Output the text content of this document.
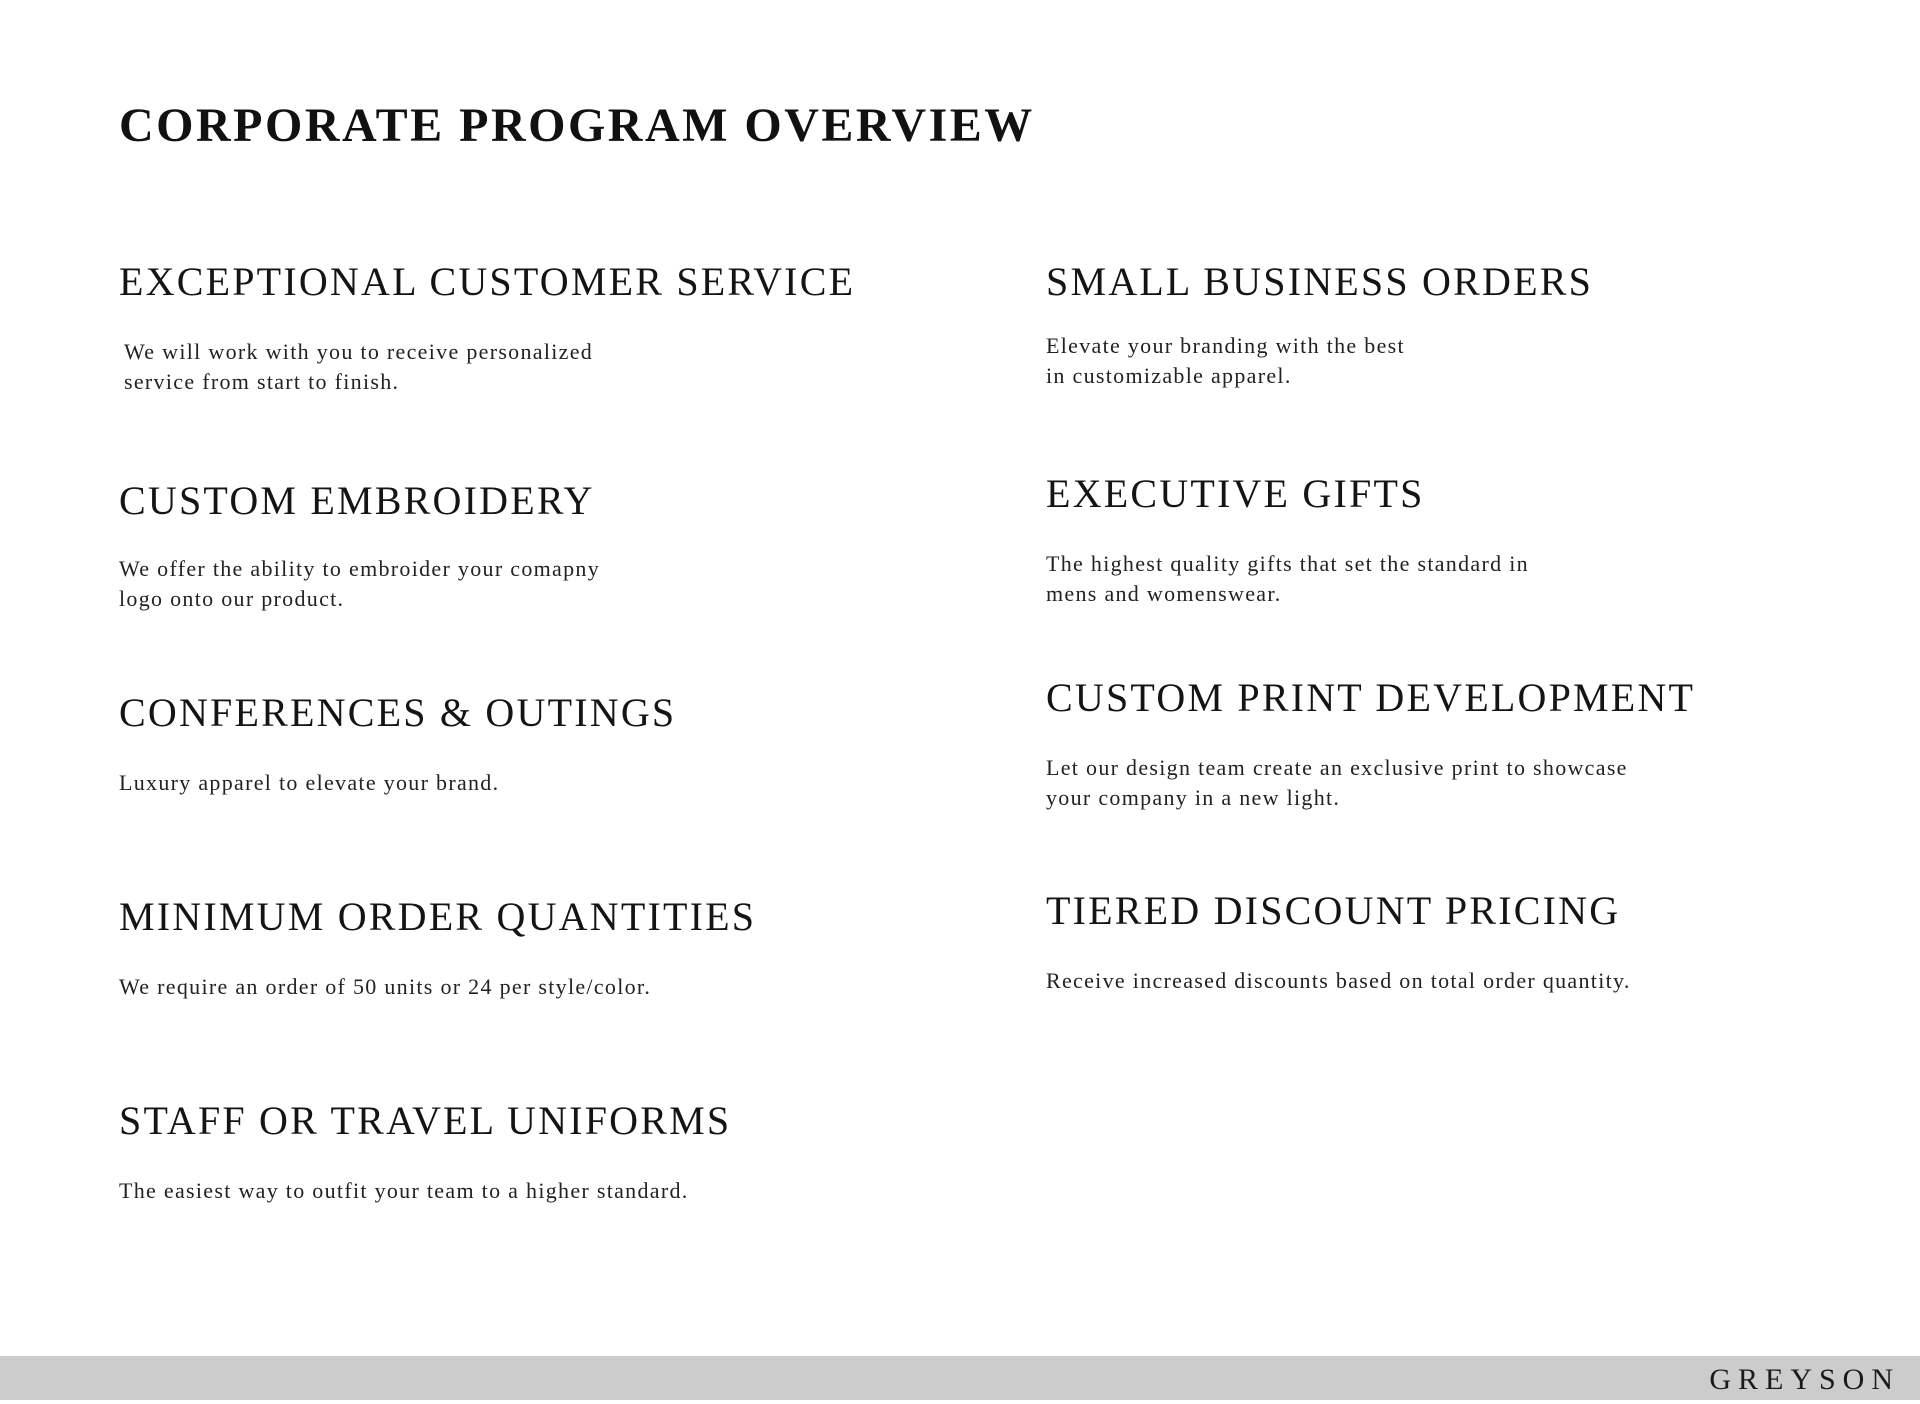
CORPORATE PROGRAM OVERVIEW
EXCEPTIONAL CUSTOMER SERVICE

We will work with you to receive personalized
service from start to finish.

CUSTOM EMBROIDERY

We offer the ability to embroider your comapny
logo onto our product.

CONFERENCES & OUTINGS

Luxury apparel to elevate your brand.

MINIMUM ORDER QUANTITIES

We require an order of 50 units or 24 per style/color.

STAFF OR TRAVEL UNIFORMS

The easiest way to outfit your team to a higher standard.

SMALL BUSINESS ORDERS

Elevate your branding with the best
in customizable apparel.

EXECUTIVE GIFTS

The highest quality gifts that set the standard in
mens and womenswear.

CUSTOM PRINT DEVELOPMENT

Let our design team create an exclusive print to showcase
your company in a new light.

TIERED DISCOUNT PRICING

Receive increased discounts based on total order quantity.

GREYSON
